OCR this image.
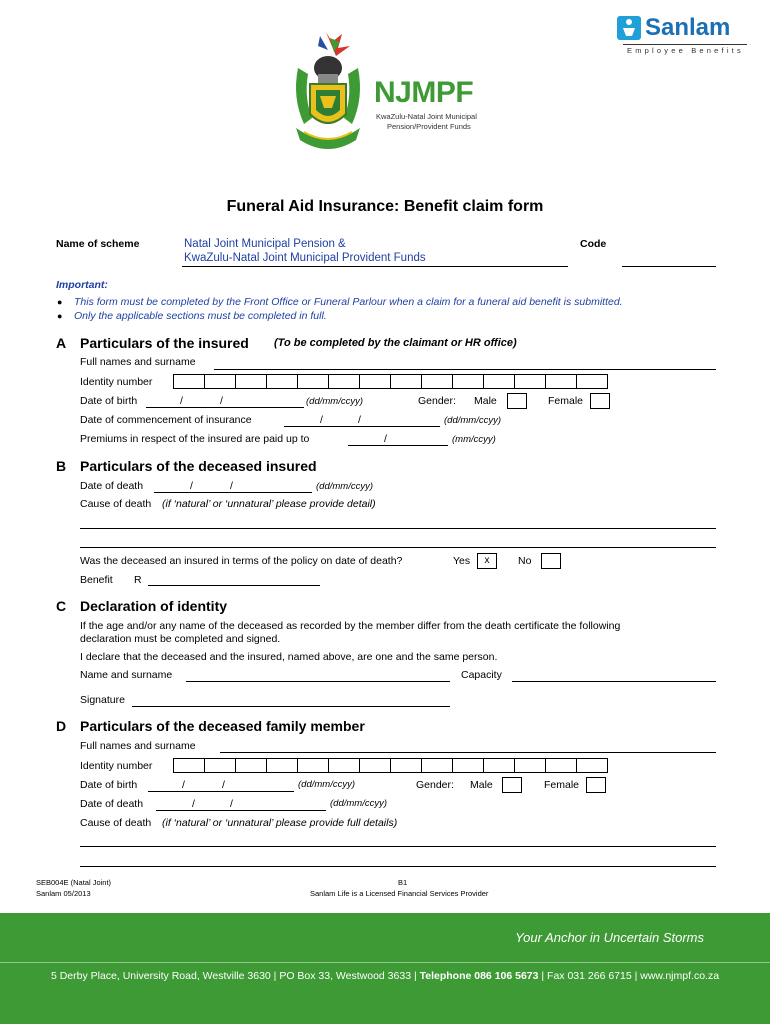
NJMPF
KwaZulu-Natal Joint Municipal
Pension/Provident Funds
Sanlam
Employee Benefits
Funeral Aid Insurance: Benefit claim form
Name of scheme	Natal Joint Municipal Pension &
KwaZulu-Natal Joint Municipal Provident Funds
Code
Important:
● This form must be completed by the Front Office or Funeral Parlour when a claim for a funeral aid benefit is submitted.
● Only the applicable sections must be completed in full.
A Particulars of the insured (To be completed by the claimant or HR office)
Full names and surname
Identity number
Date of birth	/	/	(dd/mm/ccyy)	Gender: Male	Female
Date of commencement of insurance	/	/	(dd/mm/ccyy)
Premiums in respect of the insured are paid up to	/	(mm/ccyy)
B Particulars of the deceased insured
Date of death	/	/	(dd/mm/ccyy)
Cause of death (if ‘natural’ or ‘unnatural’ please provide detail)
Was the deceased an insured in terms of the policy on date of death?	Yes	x	No
Benefit R
C Declaration of identity
If the age and/or any name of the deceased as recorded by the member differ from the death certificate the following
declaration must be completed and signed.
I declare that the deceased and the insured, named above, are one and the same person.
Name and surname	Capacity
Signature
D Particulars of the deceased family member
Full names and surname
Identity number
Date of birth	/	/	(dd/mm/ccyy)	Gender: Male	Female
Date of death	/	/	(dd/mm/ccyy)
Cause of death (if ‘natural’ or ‘unnatural’ please provide full details)
SEB004E (Natal Joint)
Sanlam 05/2013
B1
Sanlam Life is a Licensed Financial Services Provider
Your Anchor in Uncertain Storms
5 Derby Place, University Road, Westville 3630 | PO Box 33, Westwood 3633 | Telephone 086 106 5673 | Fax 031 266 6715 | www.njmpf.co.za
